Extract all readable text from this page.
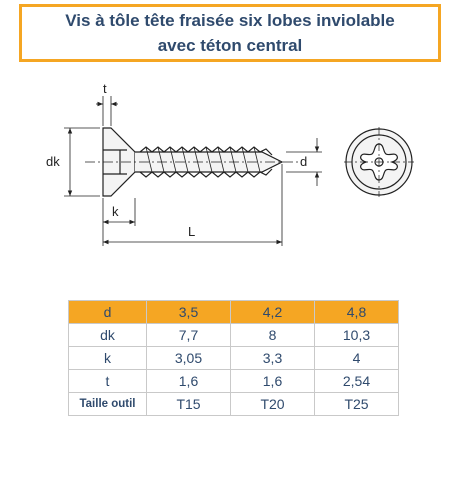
Vis à tôle tête fraisée six lobes inviolable
avec téton central
t
dk
k
L
d
d	3,5	4,2	4,8
dk	7,7	8	10,3
k	3,05	3,3	4
t	1,6	1,6	2,54
Taille outil	T15	T20	T25
